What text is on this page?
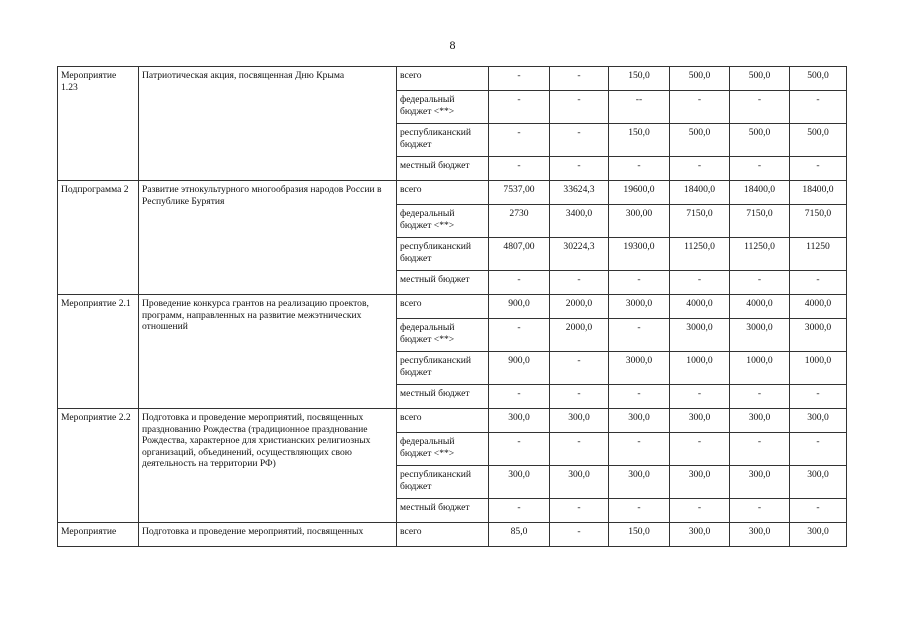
8
Мероприятие 1.23	Патриотическая акция, посвященная Дню Крыма	всего	-	-	150,0	500,0	500,0	500,0
		федеральный бюджет <**>	-	-	--	-	-	-
		республиканский бюджет	-	-	150,0	500,0	500,0	500,0
		местный бюджет	-	-	-	-	-	-
Подпрограмма 2	Развитие этнокультурного многообразия народов России в Республике Бурятия	всего	7537,00	33624,3	19600,0	18400,0	18400,0	18400,0
		федеральный бюджет <**>	2730	3400,0	300,00	7150,0	7150,0	7150,0
		республиканский бюджет	4807,00	30224,3	19300,0	11250,0	11250,0	11250
		местный бюджет	-	-	-	-	-	-
Мероприятие 2.1	Проведение конкурса грантов на реализацию проектов, программ, направленных на развитие межэтнических отношений	всего	900,0	2000,0	3000,0	4000,0	4000,0	4000,0
		федеральный бюджет <**>	-	2000,0	-	3000,0	3000,0	3000,0
		республиканский бюджет	900,0	-	3000,0	1000,0	1000,0	1000,0
		местный бюджет	-	-	-	-	-	-
Мероприятие 2.2	Подготовка и проведение мероприятий, посвященных празднованию Рождества (традиционное празднование Рождества, характерное для христианских религиозных организаций, объединений, осуществляющих свою деятельность на территории РФ)	всего	300,0	300,0	300,0	300,0	300,0	300,0
		федеральный бюджет <**>	-	-	-	-	-	-
		республиканский бюджет	300,0	300,0	300,0	300,0	300,0	300,0
		местный бюджет	-	-	-	-	-	-
Мероприятие	Подготовка и проведение мероприятий, посвященных	всего	85,0	-	150,0	300,0	300,0	300,0
